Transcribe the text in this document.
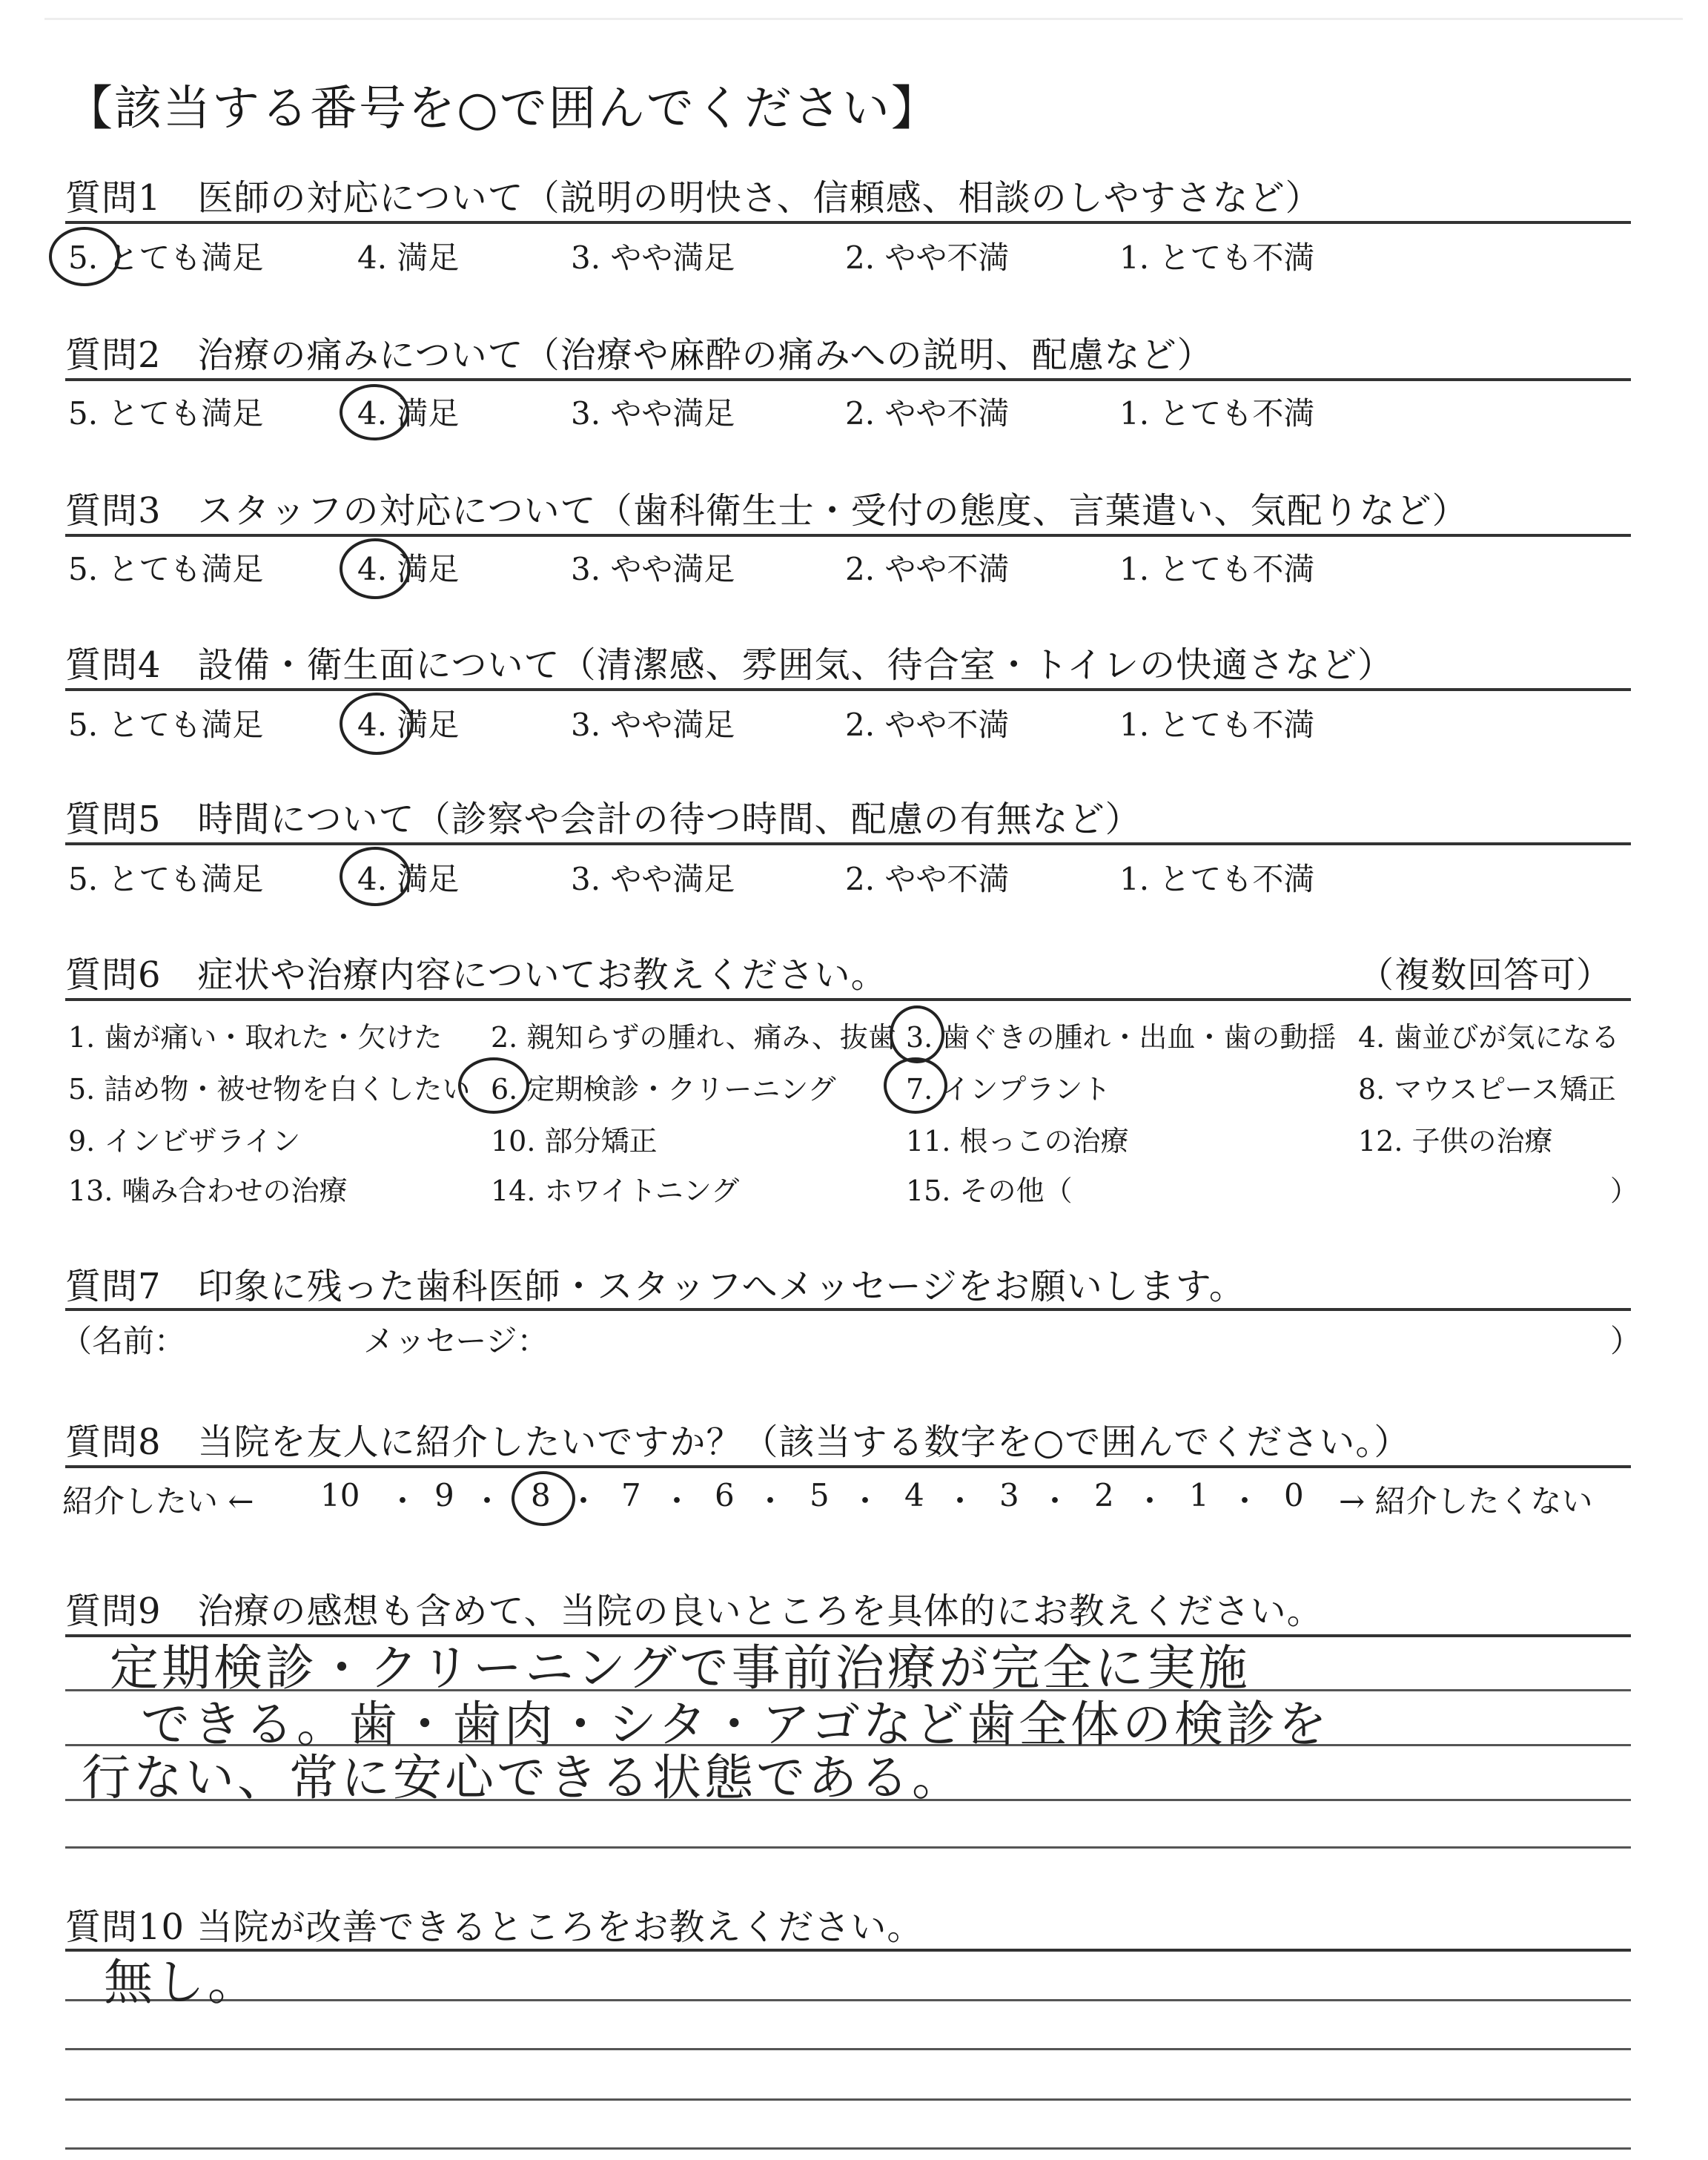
【該当する番号を○で囲んでください】
質問1　医師の対応について（説明の明快さ、信頼感、相談のしやすさなど）
5. とても満足	4. 満足	3. やや満足	2. やや不満	1. とても不満
質問2　治療の痛みについて（治療や麻酔の痛みへの説明、配慮など）
5. とても満足	4. 満足	3. やや満足	2. やや不満	1. とても不満
質問3　スタッフの対応について（歯科衛生士・受付の態度、言葉遣い、気配りなど）
5. とても満足	4. 満足	3. やや満足	2. やや不満	1. とても不満
質問4　設備・衛生面について（清潔感、雰囲気、待合室・トイレの快適さなど）
5. とても満足	4. 満足	3. やや満足	2. やや不満	1. とても不満
質問5　時間について（診察や会計の待つ時間、配慮の有無など）
5. とても満足	4. 満足	3. やや満足	2. やや不満	1. とても不満
質問6　症状や治療内容についてお教えください。	（複数回答可）
1. 歯が痛い・取れた・欠けた 2. 親知らずの腫れ、痛み、抜歯 3. 歯ぐきの腫れ・出血・歯の動揺 4. 歯並びが気になる
5. 詰め物・被せ物を白くしたい 6. 定期検診・クリーニング 7. インプラント	8. マウスピース矯正
9. インビザライン	10. 部分矯正	11. 根っこの治療	12. 子供の治療
13. 噛み合わせの治療	14. ホワイトニング	15. その他（	）
質問7　印象に残った歯科医師・スタッフへメッセージをお願いします。
（名前：	メッセージ：	）
質問8　当院を友人に紹介したいですか？（該当する数字を○で囲んでください。）
紹介したい ← 10 ・ 9 ・ 8 ・ 7 ・ 6 ・ 5 ・ 4 ・ 3 ・ 2 ・ 1 ・ 0 → 紹介したくない
質問9　治療の感想も含めて、当院の良いところを具体的にお教えください。
定期検診・クリーニングで事前治療が完全に実施
できる。歯・歯肉・シタ・アゴなど歯全体の検診を
行ない、常に安心できる状態である。
質問10 当院が改善できるところをお教えください。
無し。
